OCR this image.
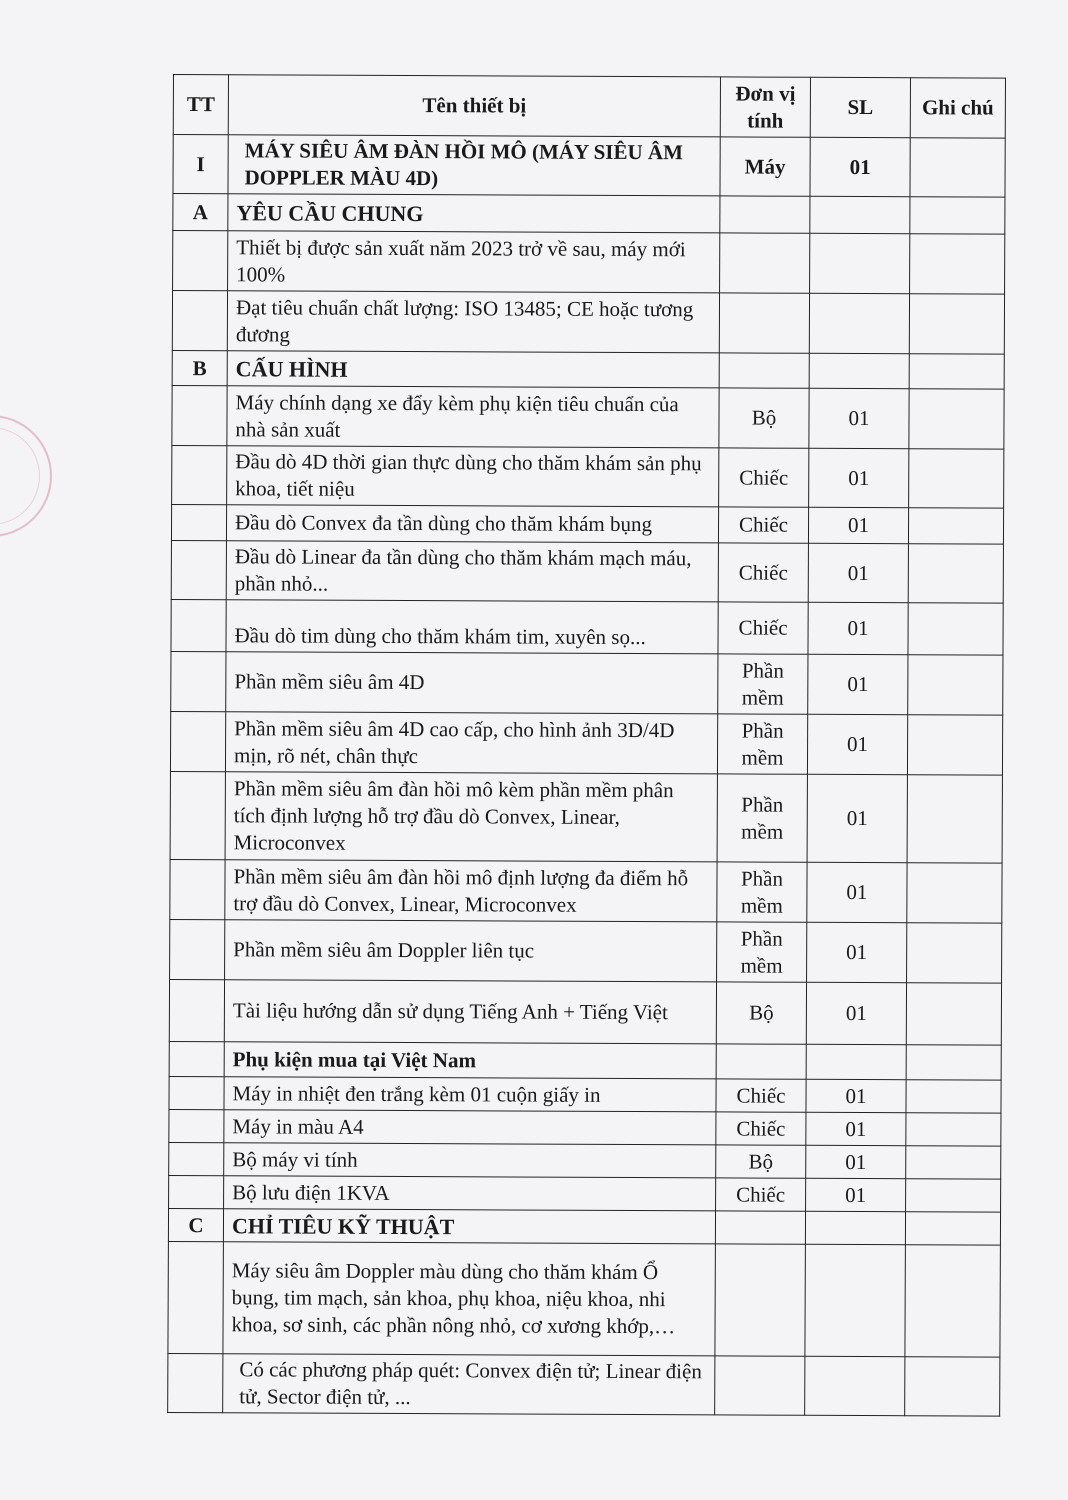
TT	Tên thiết bị	Đơn vị tính	SL	Ghi chú
I	MÁY SIÊU ÂM ĐÀN HỒI MÔ (MÁY SIÊU ÂM DOPPLER MÀU 4D)	Máy	01	
A	YÊU CẦU CHUNG			
	Thiết bị được sản xuất năm 2023 trở về sau, máy mới 100%			
	Đạt tiêu chuẩn chất lượng: ISO 13485; CE hoặc tương đương			
B	CẤU HÌNH			
	Máy chính dạng xe đẩy kèm phụ kiện tiêu chuẩn của nhà sản xuất	Bộ	01	
	Đầu dò 4D thời gian thực dùng cho thăm khám sản phụ khoa, tiết niệu	Chiếc	01	
	Đầu dò Convex đa tần dùng cho thăm khám bụng	Chiếc	01	
	Đầu dò Linear đa tần dùng cho thăm khám mạch máu, phần nhỏ...	Chiếc	01	
	Đầu dò tim dùng cho thăm khám tim, xuyên sọ...	Chiếc	01	
	Phần mềm siêu âm 4D	Phần mềm	01	
	Phần mềm siêu âm 4D cao cấp, cho hình ảnh 3D/4D mịn, rõ nét, chân thực	Phần mềm	01	
	Phần mềm siêu âm đàn hồi mô kèm phần mềm phân tích định lượng hỗ trợ đầu dò Convex, Linear, Microconvex	Phần mềm	01	
	Phần mềm siêu âm đàn hồi mô định lượng đa điểm hỗ trợ đầu dò Convex, Linear, Microconvex	Phần mềm	01	
	Phần mềm siêu âm Doppler liên tục	Phần mềm	01	
	Tài liệu hướng dẫn sử dụng Tiếng Anh + Tiếng Việt	Bộ	01	
	Phụ kiện mua tại Việt Nam			
	Máy in nhiệt đen trắng kèm 01 cuộn giấy in	Chiếc	01	
	Máy in màu A4	Chiếc	01	
	Bộ máy vi tính	Bộ	01	
	Bộ lưu điện 1KVA	Chiếc	01	
C	CHỈ TIÊU KỸ THUẬT			
	Máy siêu âm Doppler màu dùng cho thăm khám Ổ bụng, tim mạch, sản khoa, phụ khoa, niệu khoa, nhi khoa, sơ sinh, các phần nông nhỏ, cơ xương khớp,…			
	Có các phương pháp quét: Convex điện tử; Linear điện tử, Sector điện tử, ...			
